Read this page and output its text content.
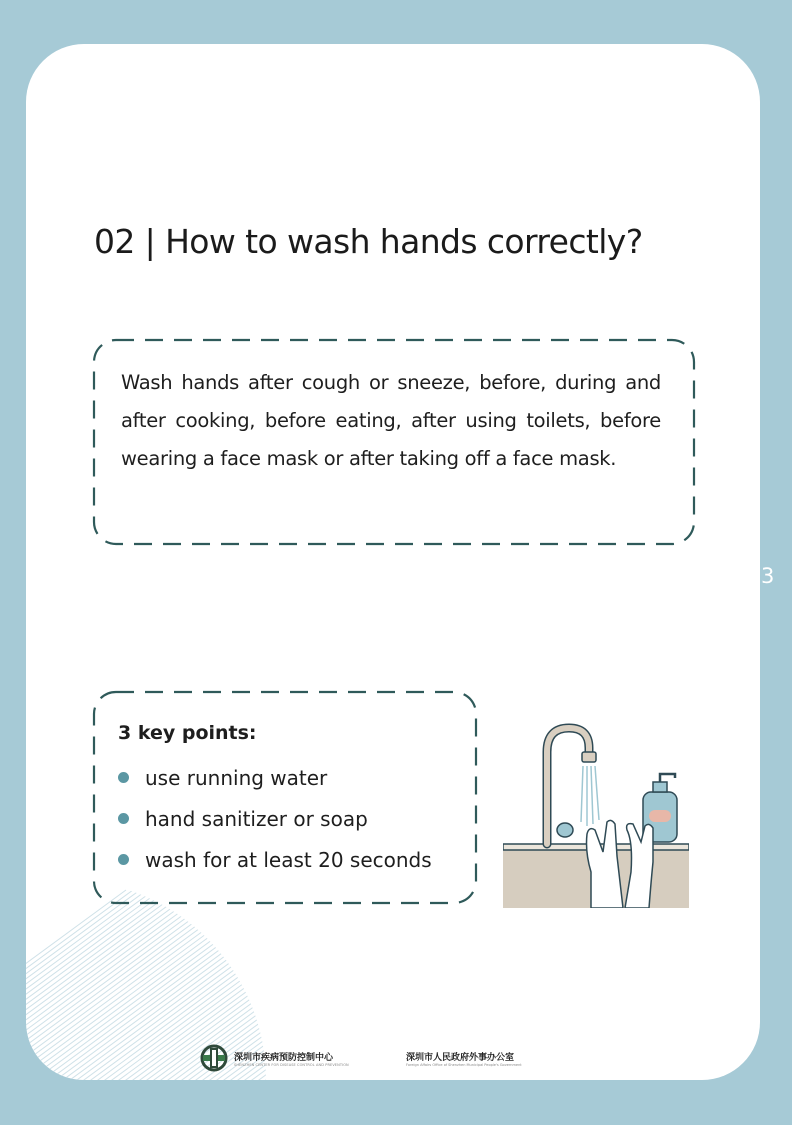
13
02 | How to wash hands correctly?
Wash hands after cough or sneeze, before, during and after cooking, before eating, after using toilets, before wearing a face mask or after taking off a face mask.
3 key points:
use running water
hand sanitizer or soap
wash for at least 20 seconds
深圳市疾病预防控制中心
SHENZHEN CENTER FOR DISEASE CONTROL AND PREVENTION
深圳市人民政府外事办公室
Foreign Affairs Office of Shenzhen Municipal People's Government
